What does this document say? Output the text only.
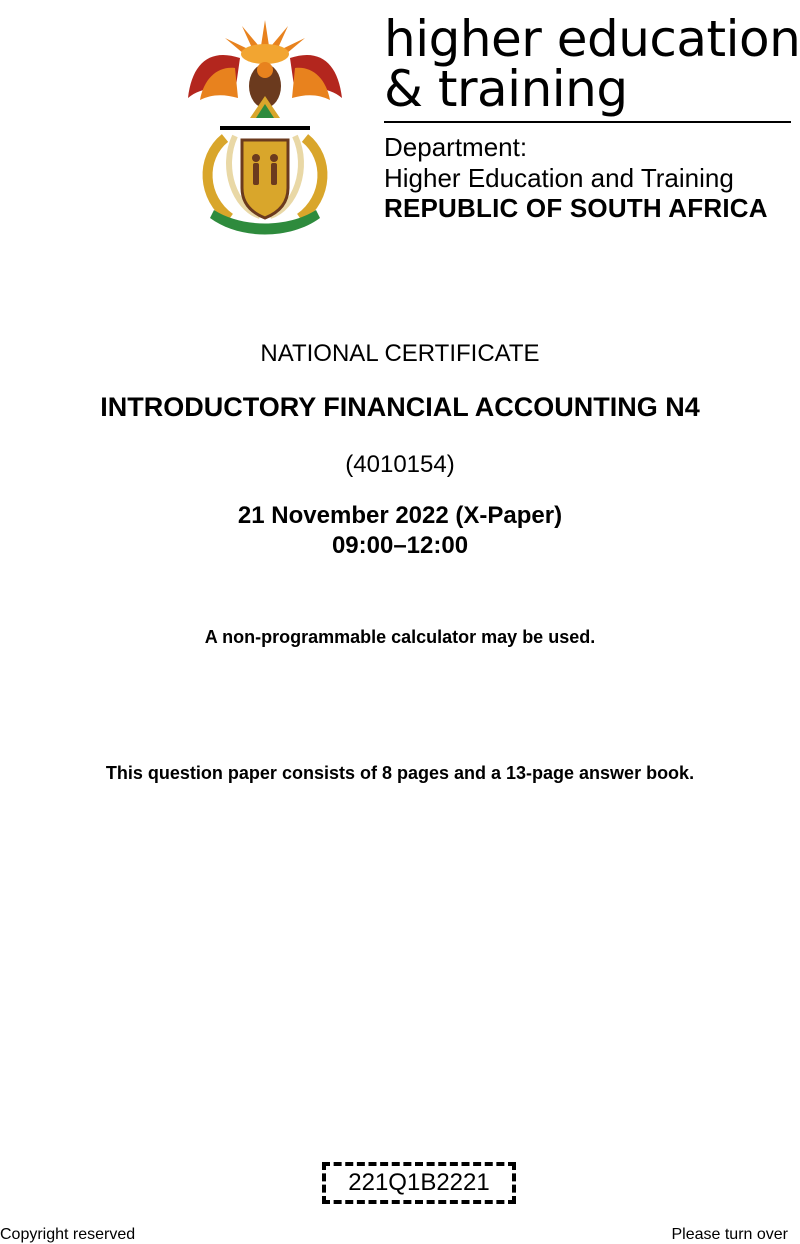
higher education
& training
Department:
Higher Education and Training
REPUBLIC OF SOUTH AFRICA
NATIONAL CERTIFICATE
INTRODUCTORY FINANCIAL ACCOUNTING N4
(4010154)
21 November 2022 (X-Paper)
09:00–12:00
A non-programmable calculator may be used.
This question paper consists of 8 pages and a 13-page answer book.
221Q1B2221
Copyright reserved	Please turn over
